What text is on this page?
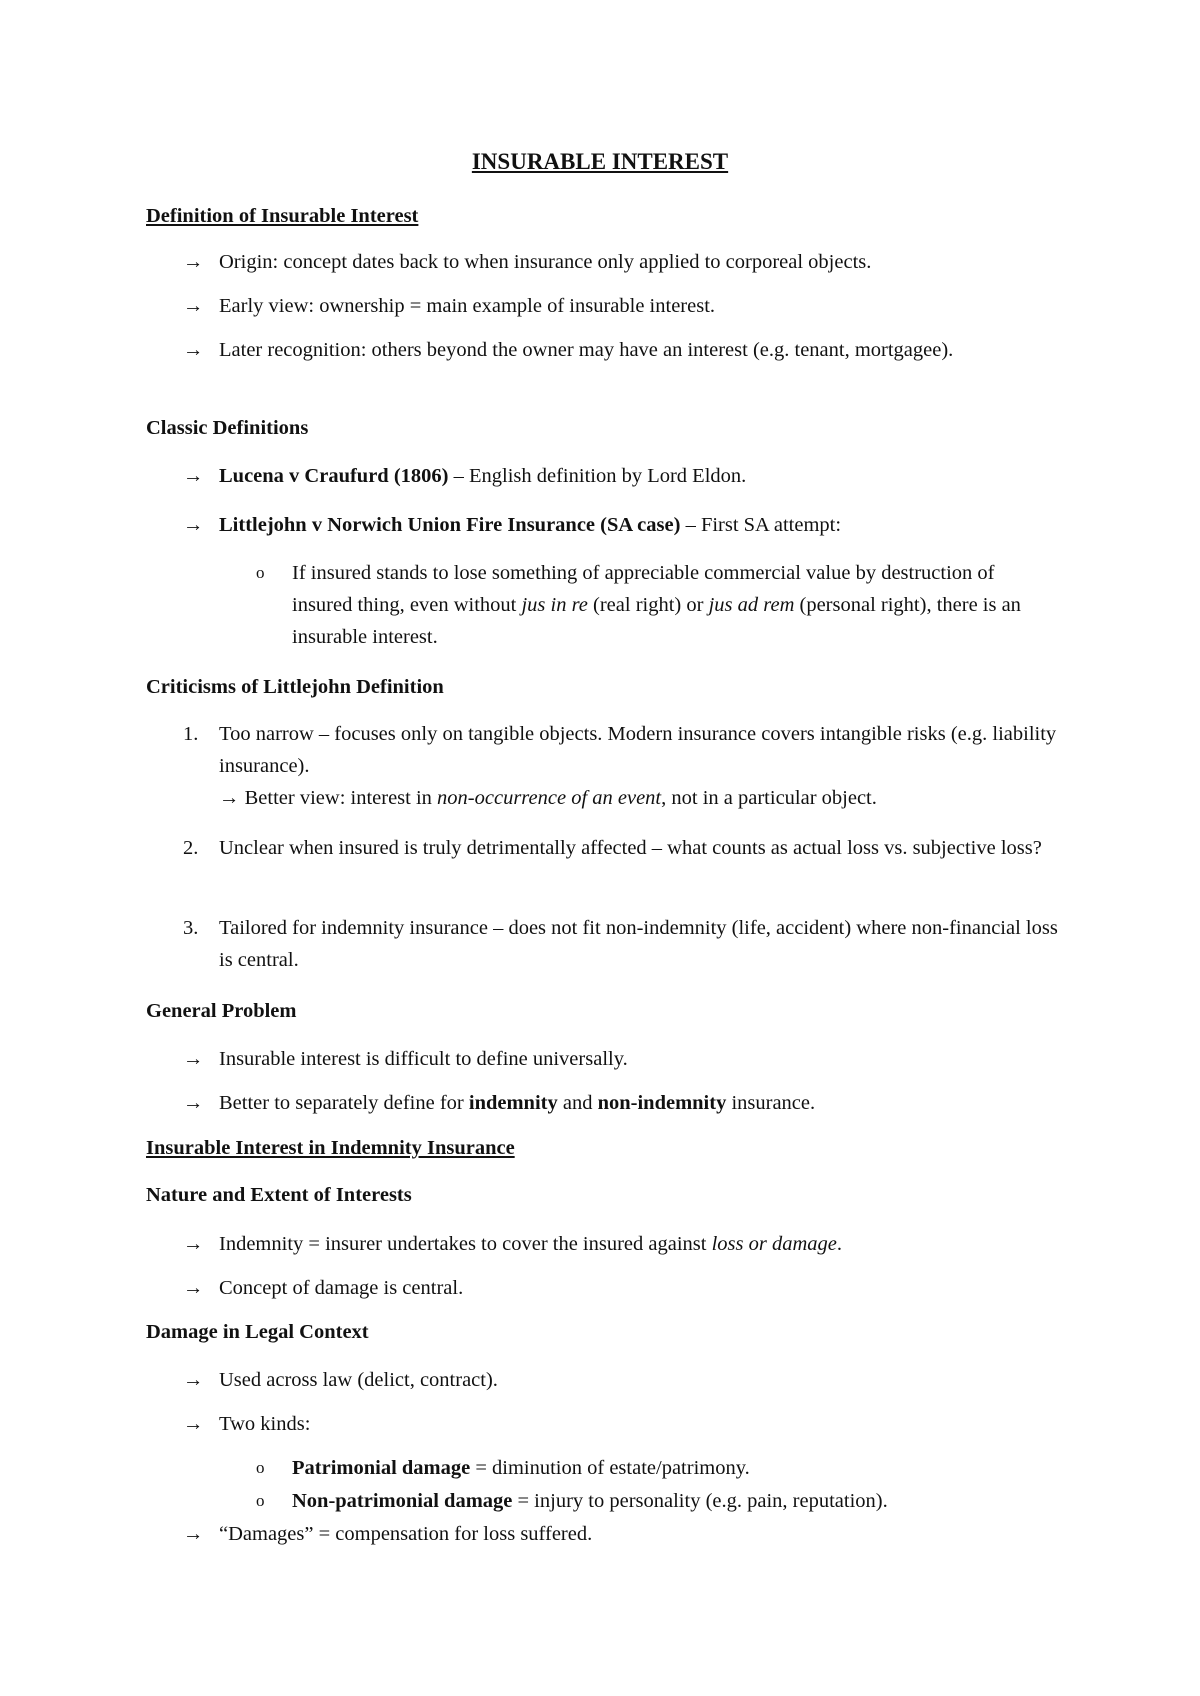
INSURABLE INTEREST
Definition of Insurable Interest
→ Origin: concept dates back to when insurance only applied to corporeal objects.
→ Early view: ownership = main example of insurable interest.
→ Later recognition: others beyond the owner may have an interest (e.g. tenant, mortgagee).
Classic Definitions
→ Lucena v Craufurd (1806) – English definition by Lord Eldon.
→ Littlejohn v Norwich Union Fire Insurance (SA case) – First SA attempt:
o	If insured stands to lose something of appreciable commercial value by destruction of insured thing, even without jus in re (real right) or jus ad rem (personal right), there is an insurable interest.
Criticisms of Littlejohn Definition
1.	Too narrow – focuses only on tangible objects. Modern insurance covers intangible risks (e.g. liability insurance).
→ Better view: interest in non-occurrence of an event, not in a particular object.
2.	Unclear when insured is truly detrimentally affected – what counts as actual loss vs. subjective loss?
3.	Tailored for indemnity insurance – does not fit non-indemnity (life, accident) where non-financial loss is central.
General Problem
→ Insurable interest is difficult to define universally.
→ Better to separately define for indemnity and non-indemnity insurance.
Insurable Interest in Indemnity Insurance
Nature and Extent of Interests
→ Indemnity = insurer undertakes to cover the insured against loss or damage.
→ Concept of damage is central.
Damage in Legal Context
→ Used across law (delict, contract).
→ Two kinds:
o	Patrimonial damage = diminution of estate/patrimony.
o	Non-patrimonial damage = injury to personality (e.g. pain, reputation).
→ “Damages” = compensation for loss suffered.
